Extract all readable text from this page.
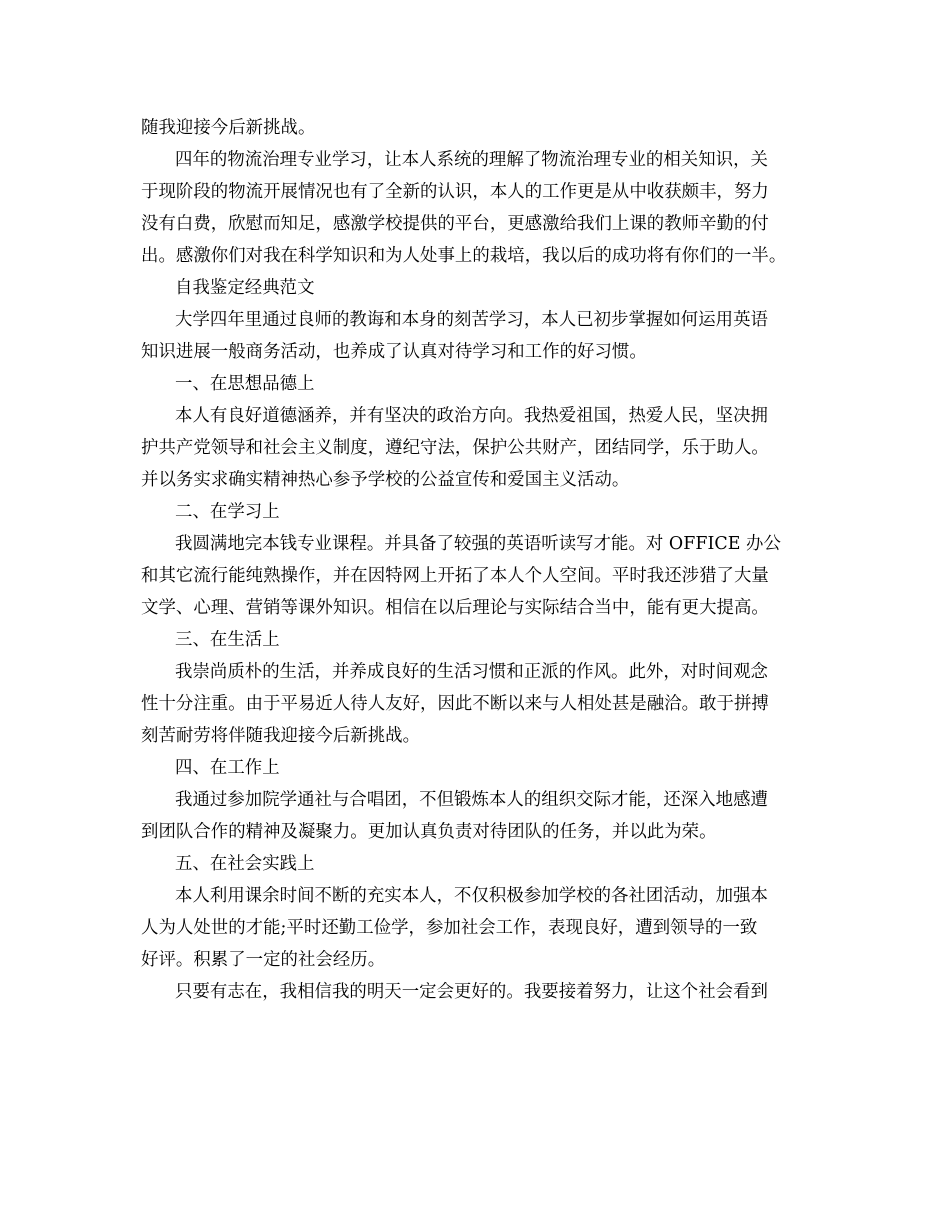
随我迎接今后新挑战。
四年的物流治理专业学习，让本人系统的理解了物流治理专业的相关知识，关
于现阶段的物流开展情况也有了全新的认识，本人的工作更是从中收获颇丰，努力
没有白费，欣慰而知足，感激学校提供的平台，更感激给我们上课的教师辛勤的付
出。感激你们对我在科学知识和为人处事上的栽培，我以后的成功将有你们的一半。
自我鉴定经典范文
大学四年里通过良师的教诲和本身的刻苦学习，本人已初步掌握如何运用英语
知识进展一般商务活动，也养成了认真对待学习和工作的好习惯。
一、在思想品德上
本人有良好道德涵养，并有坚决的政治方向。我热爱祖国，热爱人民，坚决拥
护共产党领导和社会主义制度，遵纪守法，保护公共财产，团结同学，乐于助人。
并以务实求确实精神热心参予学校的公益宣传和爱国主义活动。
二、在学习上
我圆满地完本钱专业课程。并具备了较强的英语听读写才能。对 OFFICE 办公
和其它流行能纯熟操作，并在因特网上开拓了本人个人空间。平时我还涉猎了大量
文学、心理、营销等课外知识。相信在以后理论与实际结合当中，能有更大提高。
三、在生活上
我崇尚质朴的生活，并养成良好的生活习惯和正派的作风。此外，对时间观念
性十分注重。由于平易近人待人友好，因此不断以来与人相处甚是融洽。敢于拼搏
刻苦耐劳将伴随我迎接今后新挑战。
四、在工作上
我通过参加院学通社与合唱团，不但锻炼本人的组织交际才能，还深入地感遭
到团队合作的精神及凝聚力。更加认真负责对待团队的任务，并以此为荣。
五、在社会实践上
本人利用课余时间不断的充实本人，不仅积极参加学校的各社团活动，加强本
人为人处世的才能;平时还勤工俭学，参加社会工作，表现良好，遭到领导的一致
好评。积累了一定的社会经历。
只要有志在，我相信我的明天一定会更好的。我要接着努力，让这个社会看到
